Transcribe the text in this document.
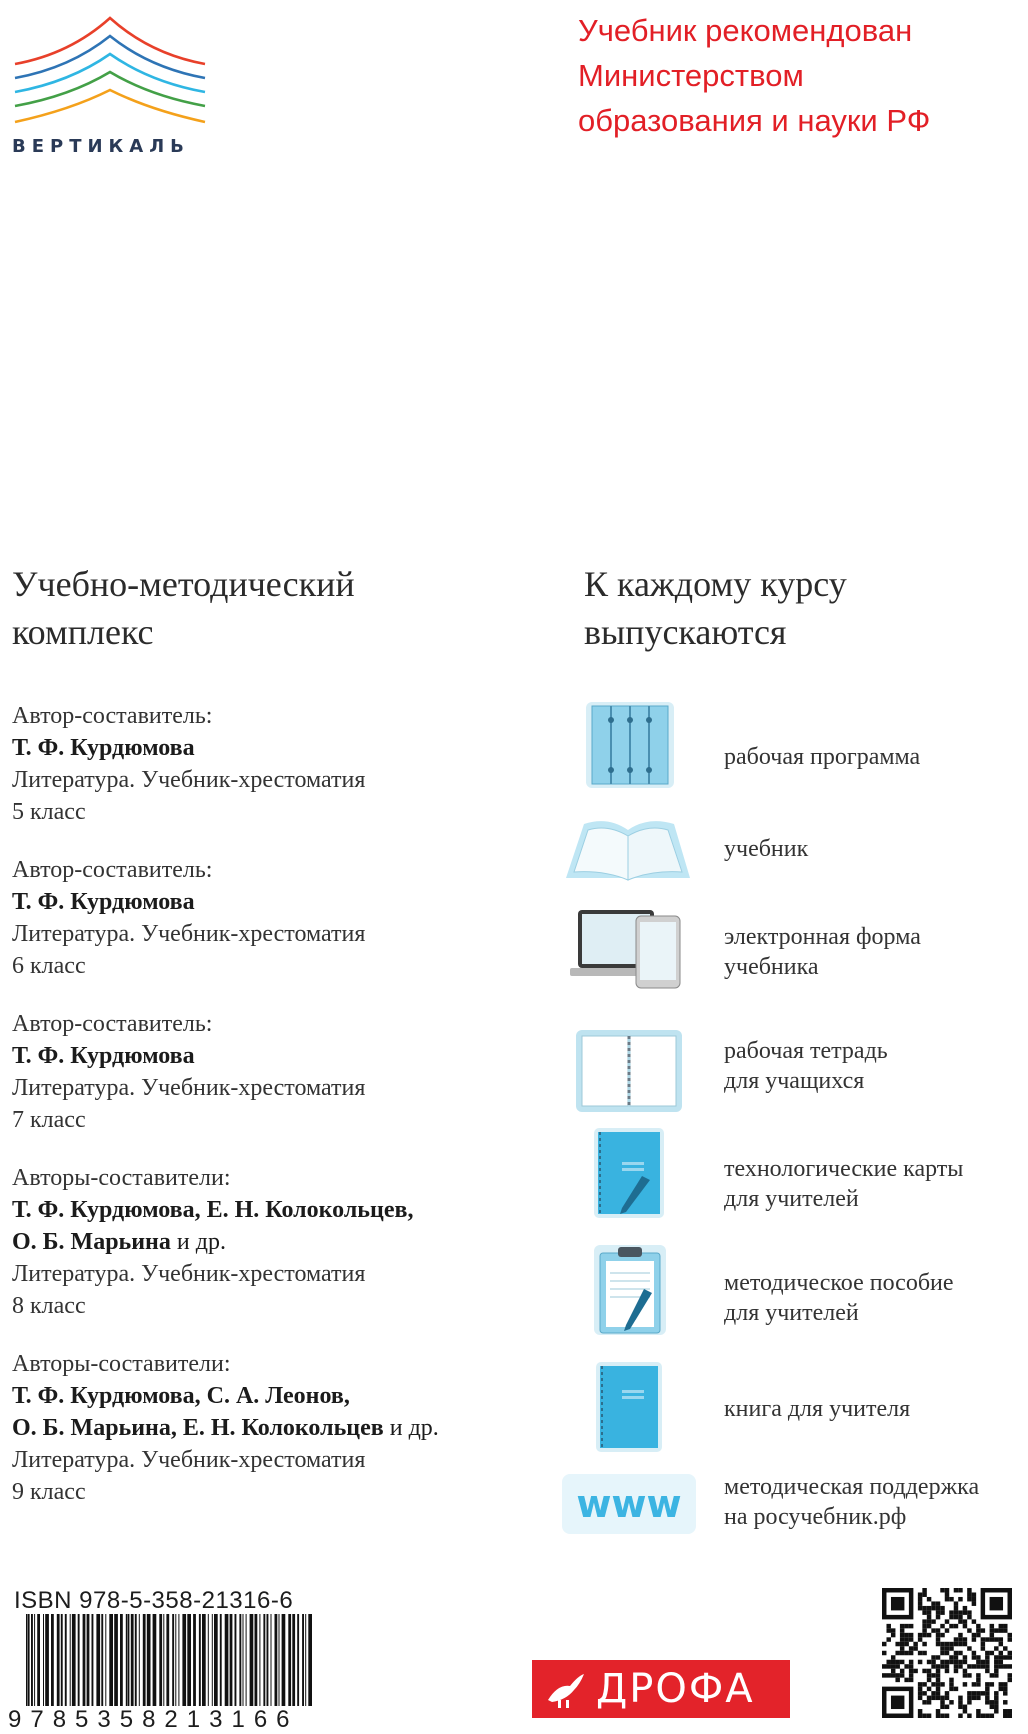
ВЕРТИКАЛЬ
Учебник рекомендован
Министерством
образования и науки РФ
Учебно-методический
комплекс
К каждому курсу
выпускаются
Автор-составитель:
Т. Ф. Курдюмова
Литература. Учебник-хрестоматия
5 класс
Автор-составитель:
Т. Ф. Курдюмова
Литература. Учебник-хрестоматия
6 класс
Автор-составитель:
Т. Ф. Курдюмова
Литература. Учебник-хрестоматия
7 класс
Авторы-составители:
Т. Ф. Курдюмова, Е. Н. Колокольцев,
О. Б. Марьина и др.
Литература. Учебник-хрестоматия
8 класс
Авторы-составители:
Т. Ф. Курдюмова, С. А. Леонов,
О. Б. Марьина, Е. Н. Колокольцев и др.
Литература. Учебник-хрестоматия
9 класс
рабочая программа
учебник
электронная форма
учебника
рабочая тетрадь
для учащихся
технологические карты
для учителей
методическое пособие
для учителей
книга для учителя
www	методическая поддержка
на росучебник.рф
ISBN 978-5-358-21316-6
9785358213166
ДРОФА
